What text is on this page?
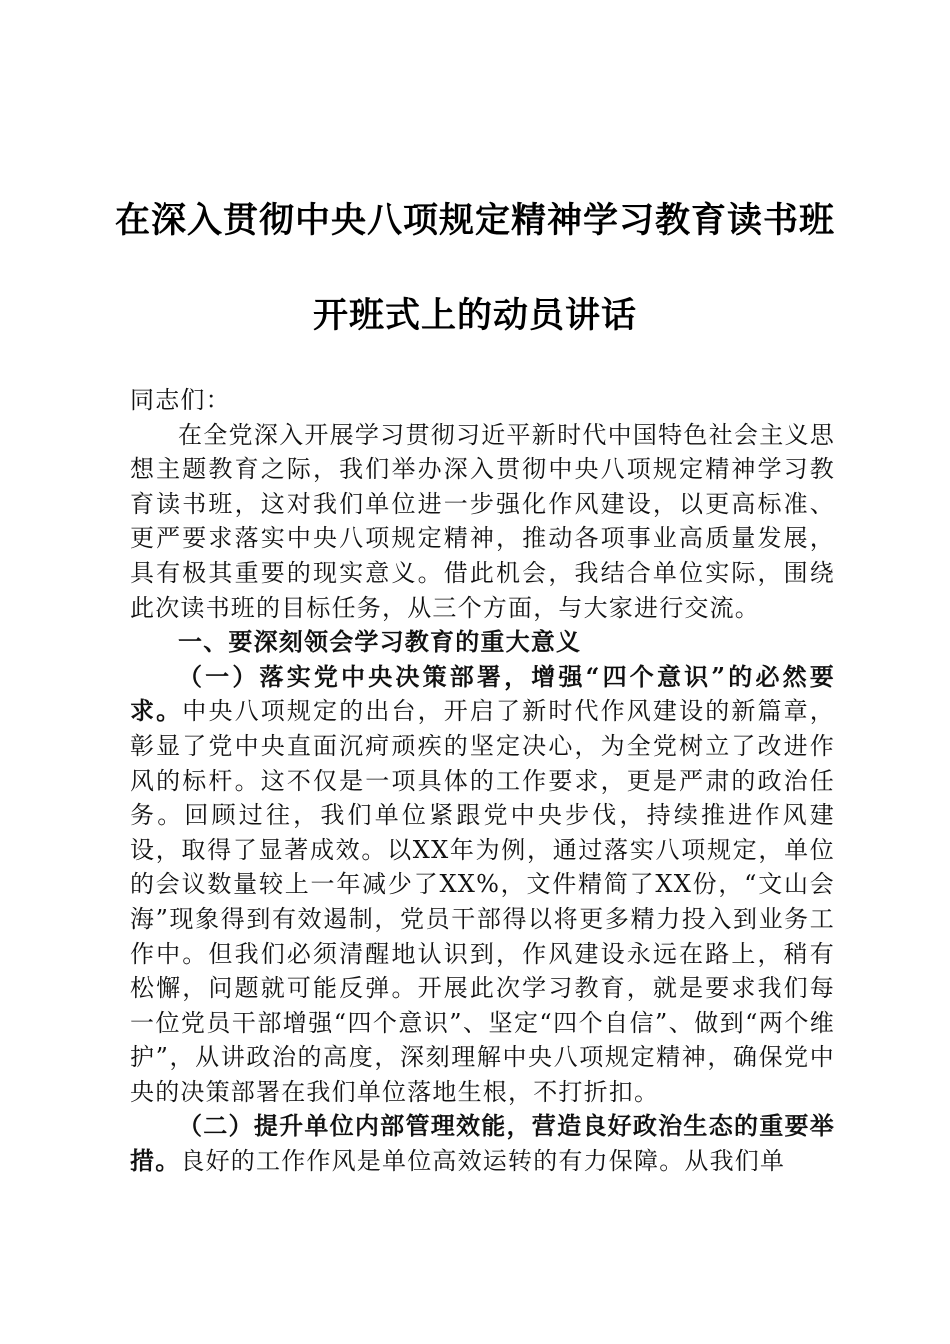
在深入贯彻中央八项规定精神学习教育读书班
开班式上的动员讲话

同志们：

在全党深入开展学习贯彻习近平新时代中国特色社会主义思想主题教育之际，我们举办深入贯彻中央八项规定精神学习教育读书班，这对我们单位进一步强化作风建设，以更高标准、更严要求落实中央八项规定精神，推动各项事业高质量发展，具有极其重要的现实意义。借此机会，我结合单位实际，围绕此次读书班的目标任务，从三个方面，与大家进行交流。

一、要深刻领会学习教育的重大意义

（一）落实党中央决策部署，增强“四个意识”的必然要求。中央八项规定的出台，开启了新时代作风建设的新篇章，彰显了党中央直面沉疴顽疾的坚定决心，为全党树立了改进作风的标杆。这不仅是一项具体的工作要求，更是严肃的政治任务。回顾过往，我们单位紧跟党中央步伐，持续推进作风建设，取得了显著成效。以XX年为例，通过落实八项规定，单位的会议数量较上一年减少了XX%，文件精简了XX份，“文山会海”现象得到有效遏制，党员干部得以将更多精力投入到业务工作中。但我们必须清醒地认识到，作风建设永远在路上，稍有松懈，问题就可能反弹。开展此次学习教育，就是要求我们每一位党员干部增强“四个意识”、坚定“四个自信”、做到“两个维护”，从讲政治的高度，深刻理解中央八项规定精神，确保党中央的决策部署在我们单位落地生根，不打折扣。

（二）提升单位内部管理效能，营造良好政治生态的重要举措。良好的工作作风是单位高效运转的有力保障。从我们单
